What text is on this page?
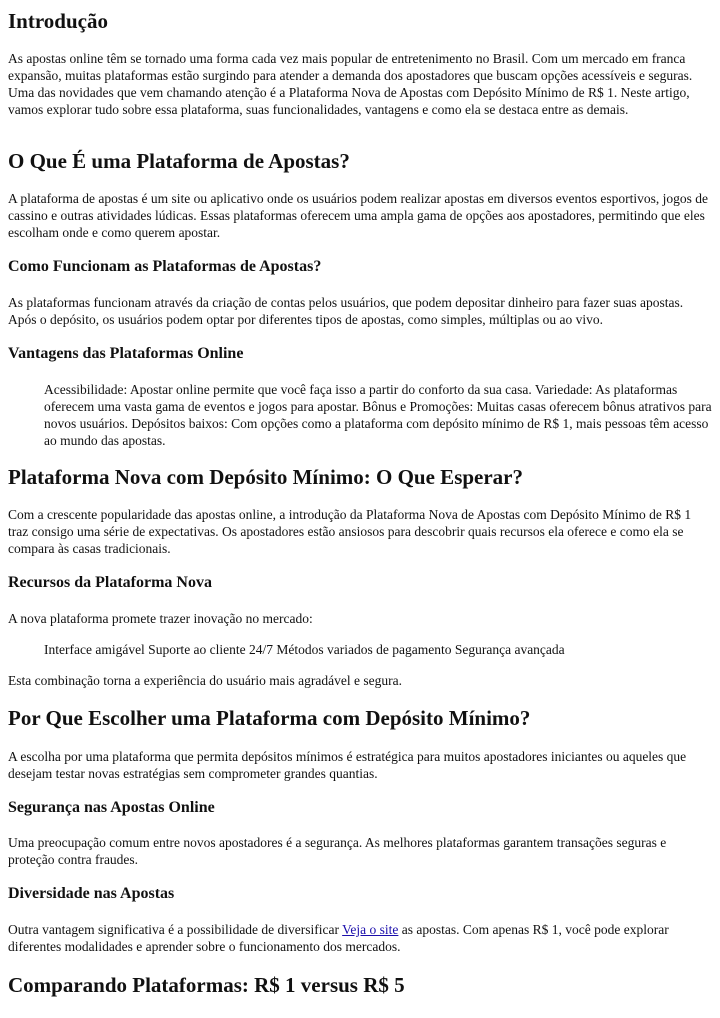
Introdução

As apostas online têm se tornado uma forma cada vez mais popular de entretenimento no Brasil. Com um mercado em franca expansão, muitas plataformas estão surgindo para atender a demanda dos apostadores que buscam opções acessíveis e seguras. Uma das novidades que vem chamando atenção é a Plataforma Nova de Apostas com Depósito Mínimo de R$ 1. Neste artigo, vamos explorar tudo sobre essa plataforma, suas funcionalidades, vantagens e como ela se destaca entre as demais.

O Que É uma Plataforma de Apostas?

A plataforma de apostas é um site ou aplicativo onde os usuários podem realizar apostas em diversos eventos esportivos, jogos de cassino e outras atividades lúdicas. Essas plataformas oferecem uma ampla gama de opções aos apostadores, permitindo que eles escolham onde e como querem apostar.

Como Funcionam as Plataformas de Apostas?

As plataformas funcionam através da criação de contas pelos usuários, que podem depositar dinheiro para fazer suas apostas. Após o depósito, os usuários podem optar por diferentes tipos de apostas, como simples, múltiplas ou ao vivo.

Vantagens das Plataformas Online

Acessibilidade: Apostar online permite que você faça isso a partir do conforto da sua casa. Variedade: As plataformas oferecem uma vasta gama de eventos e jogos para apostar. Bônus e Promoções: Muitas casas oferecem bônus atrativos para novos usuários. Depósitos baixos: Com opções como a plataforma com depósito mínimo de R$ 1, mais pessoas têm acesso ao mundo das apostas.

Plataforma Nova com Depósito Mínimo: O Que Esperar?

Com a crescente popularidade das apostas online, a introdução da Plataforma Nova de Apostas com Depósito Mínimo de R$ 1 traz consigo uma série de expectativas. Os apostadores estão ansiosos para descobrir quais recursos ela oferece e como ela se compara às casas tradicionais.

Recursos da Plataforma Nova

A nova plataforma promete trazer inovação no mercado:

Interface amigável Suporte ao cliente 24/7 Métodos variados de pagamento Segurança avançada

Esta combinação torna a experiência do usuário mais agradável e segura.

Por Que Escolher uma Plataforma com Depósito Mínimo?

A escolha por uma plataforma que permita depósitos mínimos é estratégica para muitos apostadores iniciantes ou aqueles que desejam testar novas estratégias sem comprometer grandes quantias.

Segurança nas Apostas Online

Uma preocupação comum entre novos apostadores é a segurança. As melhores plataformas garantem transações seguras e proteção contra fraudes.

Diversidade nas Apostas

Outra vantagem significativa é a possibilidade de diversificar Veja o site as apostas. Com apenas R$ 1, você pode explorar diferentes modalidades e aprender sobre o funcionamento dos mercados.

Comparando Plataformas: R$ 1 versus R$ 5
